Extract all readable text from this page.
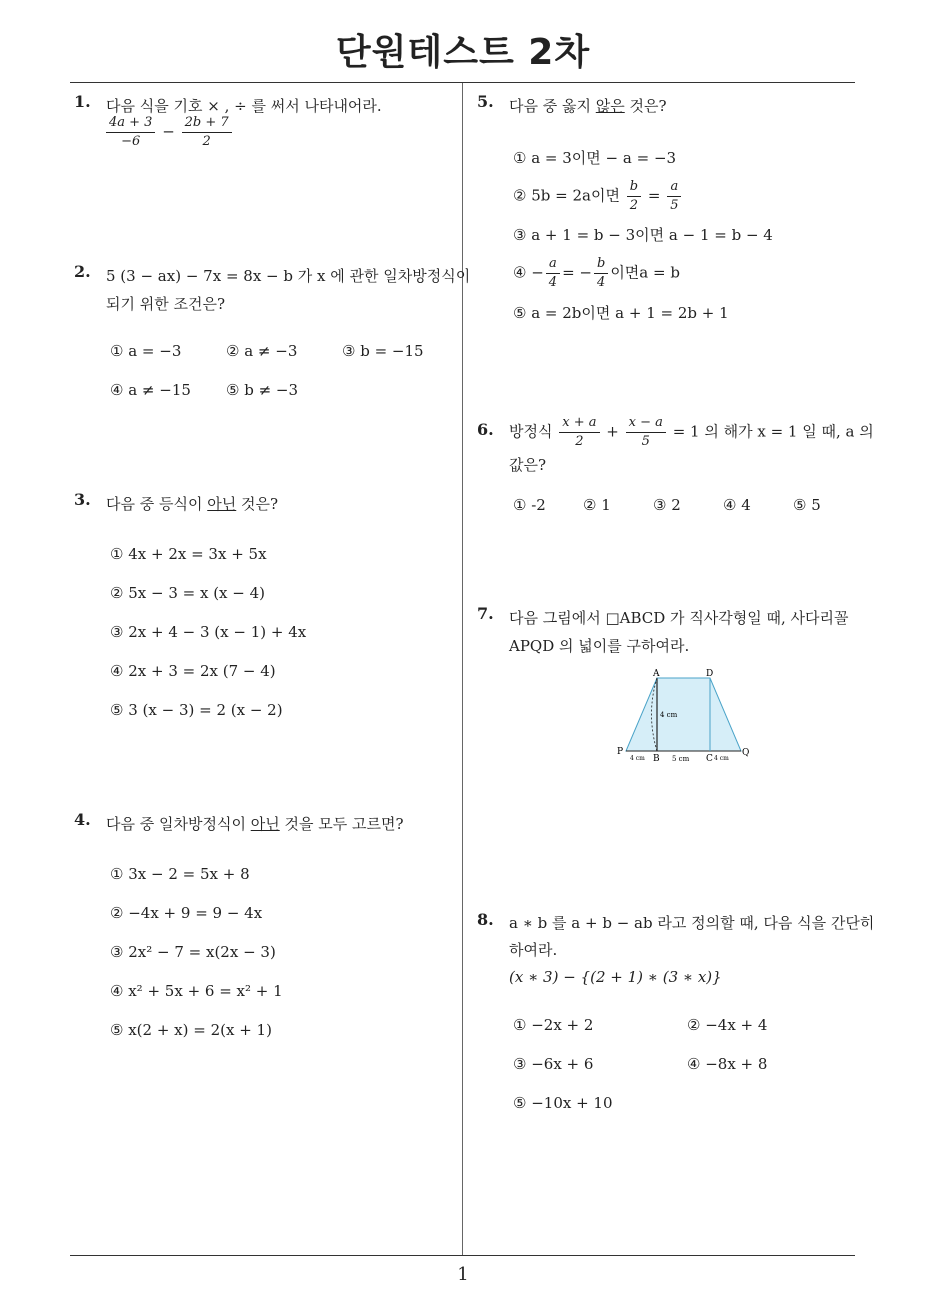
단원테스트 2차
1. 다음 식을 기호 × , ÷ 를 써서 나타내어라.
$\frac{4a + 3}{-6} - \frac{2b + 7}{2}$
2. 5 (3 − ax) − 7x = 8x − b 가 x 에 관한 일차방정식이
되기 위한 조건은?
① a = −3	② a ≠ −3	③ b = −15
④ a ≠ −15 ⑤ b ≠ −3
3. 다음 중 등식이 아닌 것은?
① 4x + 2x = 3x + 5x
② 5x − 3 = x (x − 4)
③ 2x + 4 − 3 (x − 1) + 4x
④ 2x + 3 = 2x (7 − 4)
⑤ 3 (x − 3) = 2 (x − 2)
4. 다음 중 일차방정식이 아닌 것을 모두 고르면?
① 3x − 2 = 5x + 8
② −4x + 9 = 9 − 4x
③ 2x² − 7 = x(2x − 3)
④ x² + 5x + 6 = x² + 1
⑤ x(2 + x) = 2(x + 1)
5. 다음 중 옳지 않은 것은?
① a = 3이면 − a = −3
② 5b = 2a이면 $\frac{b}{2} = \frac{a}{5}$
③ a + 1 = b − 3이면 a − 1 = b − 4
④ − $\frac{a}{4}$ = − $\frac{b}{4}$ 이면a = b
⑤ a = 2b이면 a + 1 = 2b + 1
6. 방정식 $\frac{x + a}{2} + \frac{x - a}{5} = 1$ 의 해가 x = 1 일 때, a 의
값은?
① -2 ② 1	③ 2	④ 4	⑤ 5
7. 다음 그림에서 □ABCD 가 직사각형일 때, 사다리꼴
APQD 의 넓이를 구하여라.
A	D
P
B	C
Q
4 cm
4 cm	5 cm	4 cm
8. a ∗ b 를 a + b − ab 라고 정의할 때, 다음 식을 간단히
하여라.
(x ∗ 3) − {(2 + 1) ∗ (3 ∗ x)}
① −2x + 2	② −4x + 4
③ −6x + 6	④ −8x + 8
⑤ −10x + 10
1
